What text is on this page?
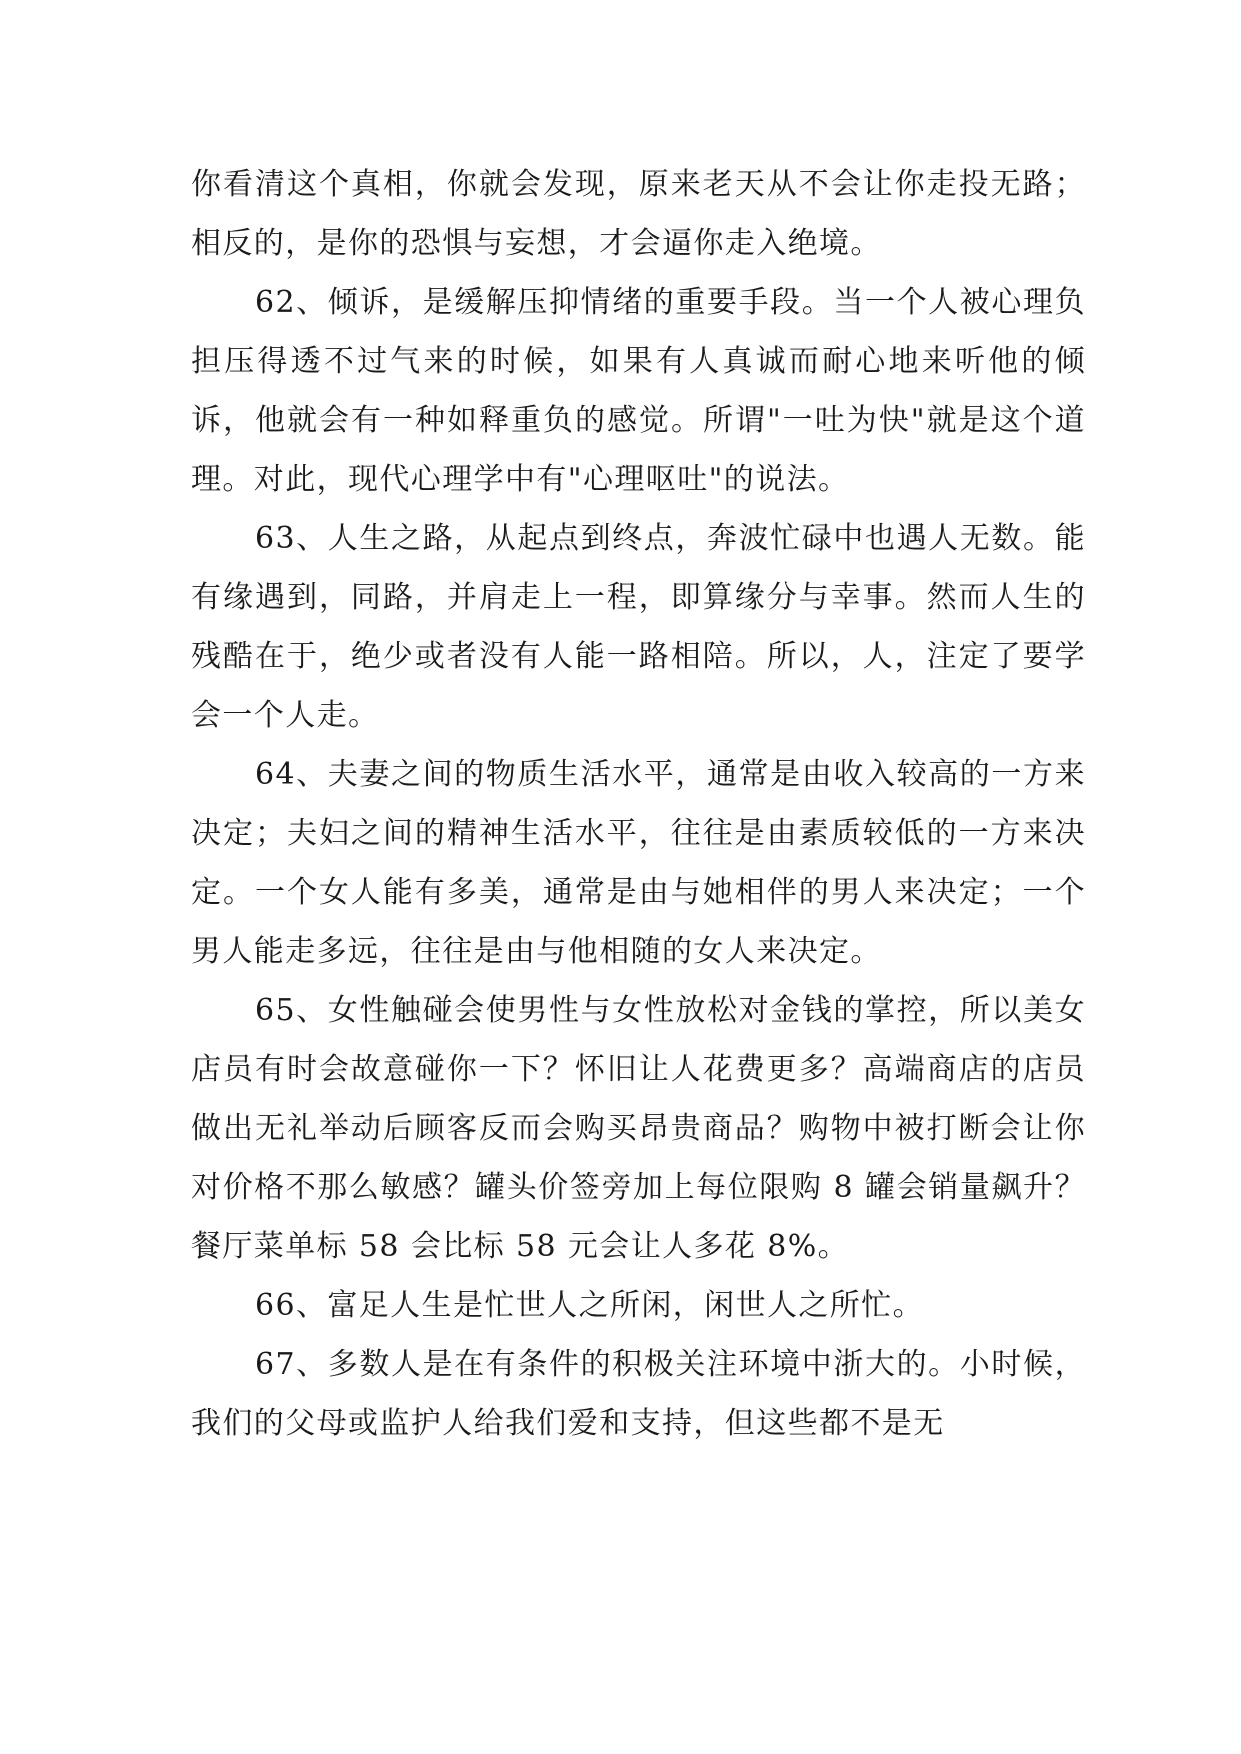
你看清这个真相，你就会发现，原来老天从不会让你走投无路；相反的，是你的恐惧与妄想，才会逼你走入绝境。

62、倾诉，是缓解压抑情绪的重要手段。当一个人被心理负担压得透不过气来的时候，如果有人真诚而耐心地来听他的倾诉，他就会有一种如释重负的感觉。所谓"一吐为快"就是这个道理。对此，现代心理学中有"心理呕吐"的说法。

63、人生之路，从起点到终点，奔波忙碌中也遇人无数。能有缘遇到，同路，并肩走上一程，即算缘分与幸事。然而人生的残酷在于，绝少或者没有人能一路相陪。所以，人，注定了要学会一个人走。

64、夫妻之间的物质生活水平，通常是由收入较高的一方来决定；夫妇之间的精神生活水平，往往是由素质较低的一方来决定。一个女人能有多美，通常是由与她相伴的男人来决定；一个男人能走多远，往往是由与他相随的女人来决定。

65、女性触碰会使男性与女性放松对金钱的掌控，所以美女店员有时会故意碰你一下？怀旧让人花费更多？高端商店的店员做出无礼举动后顾客反而会购买昂贵商品？购物中被打断会让你对价格不那么敏感？罐头价签旁加上每位限购 8 罐会销量飙升？餐厅菜单标 58 会比标 58 元会让人多花 8%。

66、富足人生是忙世人之所闲，闲世人之所忙。

67、多数人是在有条件的积极关注环境中浙大的。小时候，我们的父母或监护人给我们爱和支持，但这些都不是无
